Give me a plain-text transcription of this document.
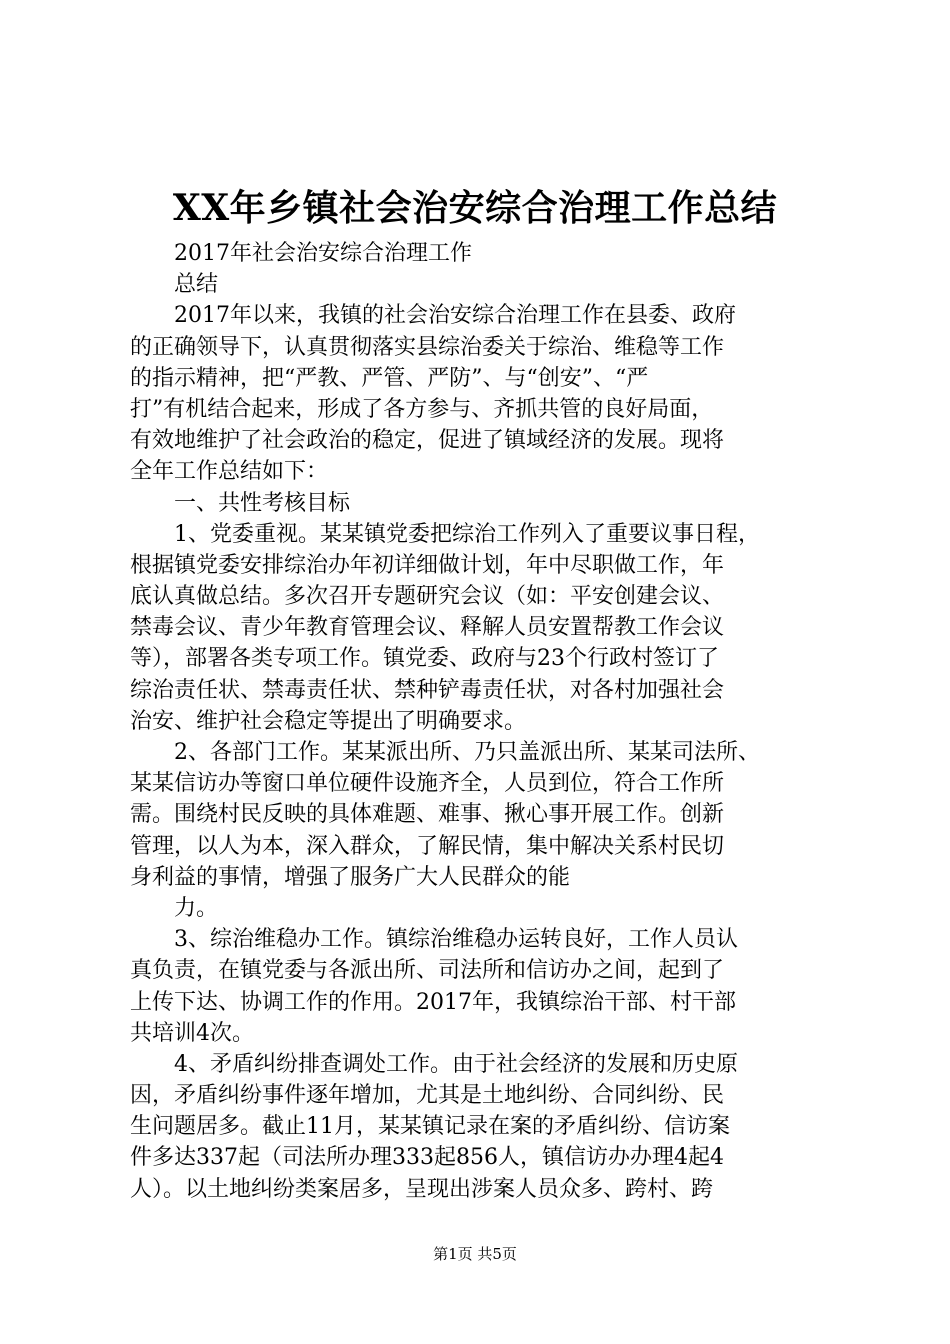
XX年乡镇社会治安综合治理工作总结
2017年社会治安综合治理工作
总结
2017年以来，我镇的社会治安综合治理工作在县委、政府
的正确领导下，认真贯彻落实县综治委关于综治、维稳等工作
的指示精神，把“严教、严管、严防”、与“创安”、“严
打”有机结合起来，形成了各方参与、齐抓共管的良好局面，
有效地维护了社会政治的稳定，促进了镇域经济的发展。现将
全年工作总结如下：
一、共性考核目标
1、党委重视。某某镇党委把综治工作列入了重要议事日程，
根据镇党委安排综治办年初详细做计划，年中尽职做工作，年
底认真做总结。多次召开专题研究会议（如：平安创建会议、
禁毒会议、青少年教育管理会议、释解人员安置帮教工作会议
等），部署各类专项工作。镇党委、政府与23个行政村签订了
综治责任状、禁毒责任状、禁种铲毒责任状，对各村加强社会
治安、维护社会稳定等提出了明确要求。
2、各部门工作。某某派出所、乃只盖派出所、某某司法所、
某某信访办等窗口单位硬件设施齐全，人员到位，符合工作所
需。围绕村民反映的具体难题、难事、揪心事开展工作。创新
管理，以人为本，深入群众，了解民情，集中解决关系村民切
身利益的事情，增强了服务广大人民群众的能
力。
3、综治维稳办工作。镇综治维稳办运转良好，工作人员认
真负责，在镇党委与各派出所、司法所和信访办之间，起到了
上传下达、协调工作的作用。2017年，我镇综治干部、村干部
共培训4次。
4、矛盾纠纷排查调处工作。由于社会经济的发展和历史原
因，矛盾纠纷事件逐年增加，尤其是土地纠纷、合同纠纷、民
生问题居多。截止11月，某某镇记录在案的矛盾纠纷、信访案
件多达337起（司法所办理333起856人，镇信访办办理4起4
人）。以土地纠纷类案居多，呈现出涉案人员众多、跨村、跨
第1页 共5页
